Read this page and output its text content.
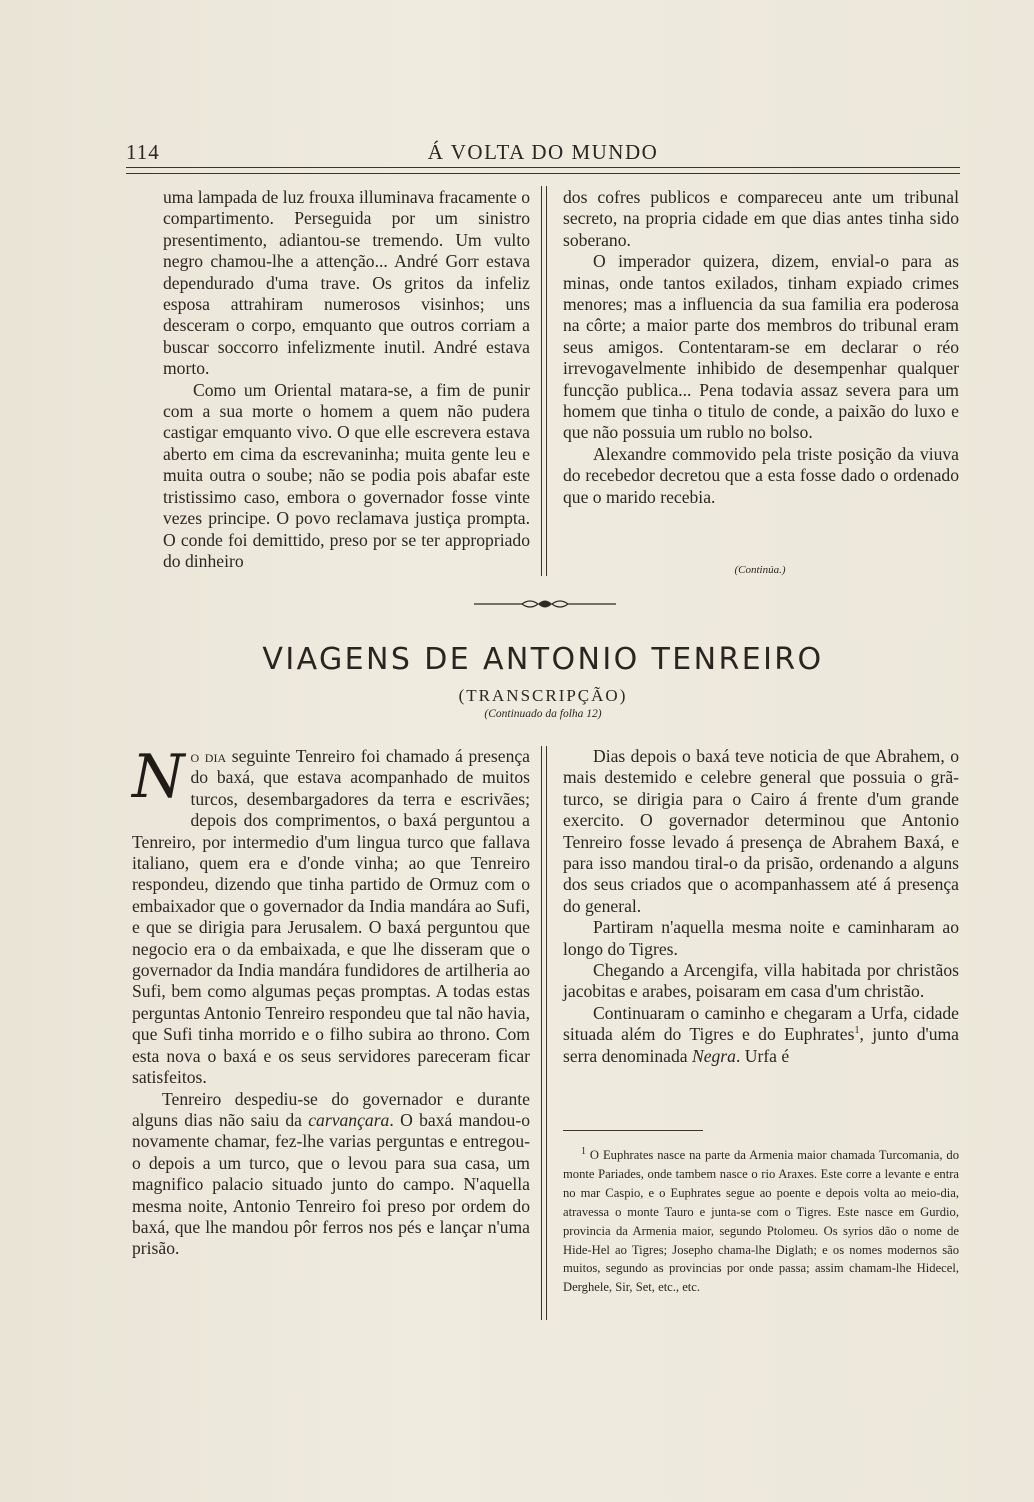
114	Á VOLTA DO MUNDO

uma lampada de luz frouxa illuminava fracamente o compartimento. Perseguida por um sinistro presentimento, adiantou-se tremendo. Um vulto negro chamou-lhe a attenção... André Gorr estava dependurado d'uma trave. Os gritos da infeliz esposa attrahiram numerosos visinhos; uns desceram o corpo, emquanto que outros corriam a buscar soccorro infelizmente inutil. André estava morto.

Como um Oriental matara-se, a fim de punir com a sua morte o homem a quem não pudera castigar emquanto vivo. O que elle escrevera estava aberto em cima da escrevaninha; muita gente leu e muita outra o soube; não se podia pois abafar este tristissimo caso, embora o governador fosse vinte vezes principe. O povo reclamava justiça prompta. O conde foi demittido, preso por se ter appropriado do dinheiro

dos cofres publicos e compareceu ante um tribunal secreto, na propria cidade em que dias antes tinha sido soberano.

O imperador quizera, dizem, envial-o para as minas, onde tantos exilados, tinham expiado crimes menores; mas a influencia da sua familia era poderosa na côrte; a maior parte dos membros do tribunal eram seus amigos. Contentaram-se em declarar o réo irrevogavelmente inhibido de desempenhar qualquer funcção publica... Pena todavia assaz severa para um homem que tinha o titulo de conde, a paixão do luxo e que não possuia um rublo no bolso.

Alexandre commovido pela triste posição da viuva do recebedor decretou que a esta fosse dado o ordenado que o marido recebia.

(Continúa.)
VIAGENS DE ANTONIO TENREIRO
(TRANSCRIPÇÃO)
(Continuado da folha 12)

No dia seguinte Tenreiro foi chamado á presença do baxá, que estava acompanhado de muitos turcos, desembargadores da terra e escrivães; depois dos comprimentos, o baxá perguntou a Tenreiro, por intermedio d'um lingua turco que fallava italiano, quem era e d'onde vinha; ao que Tenreiro respondeu, dizendo que tinha partido de Ormuz com o embaixador que o governador da India mandára ao Sufi, e que se dirigia para Jerusalem. O baxá perguntou que negocio era o da embaixada, e que lhe disseram que o governador da India mandára fundidores de artilheria ao Sufi, bem como algumas peças promptas. A todas estas perguntas Antonio Tenreiro respondeu que tal não havia, que Sufi tinha morrido e o filho subira ao throno. Com esta nova o baxá e os seus servidores pareceram ficar satisfeitos.

Tenreiro despediu-se do governador e durante alguns dias não saiu da carvançara. O baxá mandou-o novamente chamar, fez-lhe varias perguntas e entregou-o depois a um turco, que o levou para sua casa, um magnifico palacio situado junto do campo. N'aquella mesma noite, Antonio Tenreiro foi preso por ordem do baxá, que lhe mandou pôr ferros nos pés e lançar n'uma prisão.

Dias depois o baxá teve noticia de que Abrahem, o mais destemido e celebre general que possuia o grã-turco, se dirigia para o Cairo á frente d'um grande exercito. O governador determinou que Antonio Tenreiro fosse levado á presença de Abrahem Baxá, e para isso mandou tiral-o da prisão, ordenando a alguns dos seus criados que o acompanhassem até á presença do general.

Partiram n'aquella mesma noite e caminharam ao longo do Tigres.

Chegando a Arcengifa, villa habitada por christãos jacobitas e arabes, poisaram em casa d'um christão.

Continuaram o caminho e chegaram a Urfa, cidade situada além do Tigres e do Euphrates$^1$, junto d'uma serra denominada Negra. Urfa é

$^1$ O Euphrates nasce na parte da Armenia maior chamada Turcomania, do monte Pariades, onde tambem nasce o rio Araxes. Este corre a levante e entra no mar Caspio, e o Euphrates segue ao poente e depois volta ao meio-dia, atravessa o monte Tauro e junta-se com o Tigres. Este nasce em Gurdio, provincia da Armenia maior, segundo Ptolomeu. Os syrios dão o nome de Hide-Hel ao Tigres; Josepho chama-lhe Diglath; e os nomes modernos são muitos, segundo as provincias por onde passa; assim chamam-lhe Hidecel, Derghele, Sir, Set, etc., etc.
